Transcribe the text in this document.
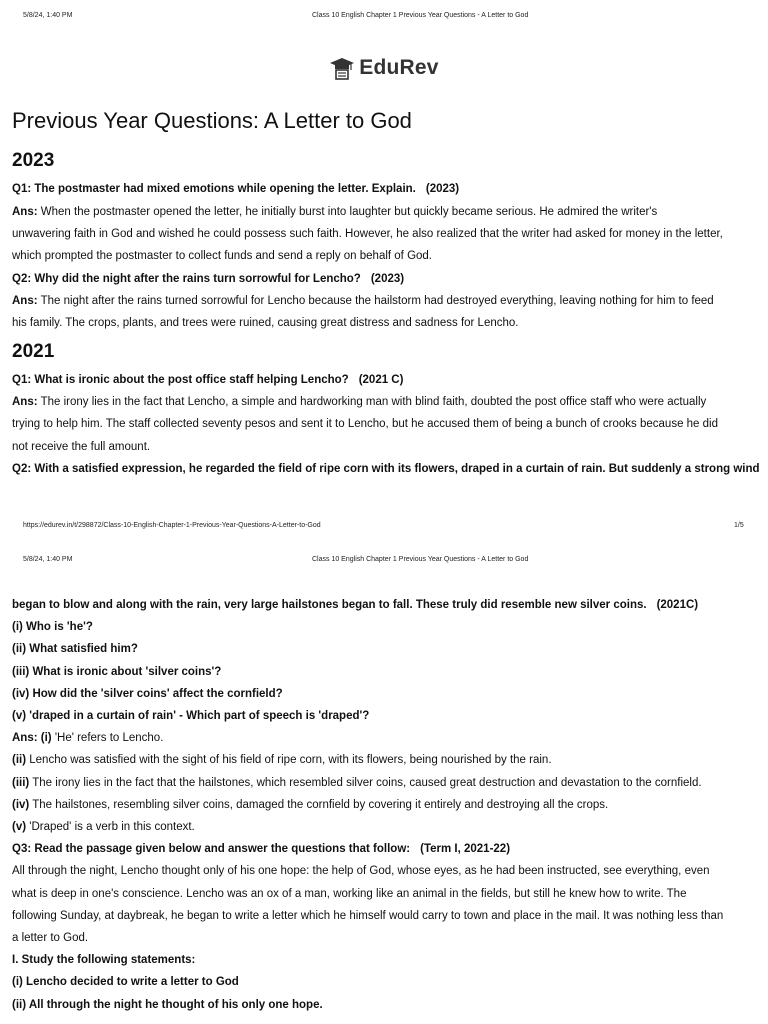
5/8/24, 1:40 PM	Class 10 English Chapter 1 Previous Year Questions - A Letter to God
EduRev
Previous Year Questions: A Letter to God
2023
Q1: The postmaster had mixed emotions while opening the letter. Explain. (2023)
Ans: When the postmaster opened the letter, he initially burst into laughter but quickly became serious. He admired the writer's
unwavering faith in God and wished he could possess such faith. However, he also realized that the writer had asked for money in the letter,
which prompted the postmaster to collect funds and send a reply on behalf of God.
Q2: Why did the night after the rains turn sorrowful for Lencho? (2023)
Ans: The night after the rains turned sorrowful for Lencho because the hailstorm had destroyed everything, leaving nothing for him to feed
his family. The crops, plants, and trees were ruined, causing great distress and sadness for Lencho.
2021
Q1: What is ironic about the post office staff helping Lencho? (2021 C)
Ans: The irony lies in the fact that Lencho, a simple and hardworking man with blind faith, doubted the post office staff who were actually
trying to help him. The staff collected seventy pesos and sent it to Lencho, but he accused them of being a bunch of crooks because he did
not receive the full amount.
Q2: With a satisfied expression, he regarded the field of ripe corn with its flowers, draped in a curtain of rain. But suddenly a strong wind
https://edurev.in/t/298872/Class-10-English-Chapter-1-Previous-Year-Questions-A-Letter-to-God	1/5
5/8/24, 1:40 PM	Class 10 English Chapter 1 Previous Year Questions - A Letter to God
began to blow and along with the rain, very large hailstones began to fall. These truly did resemble new silver coins. (2021C)
(i) Who is 'he'?
(ii) What satisfied him?
(iii) What is ironic about 'silver coins'?
(iv) How did the 'silver coins' affect the cornfield?
(v) 'draped in a curtain of rain' - Which part of speech is 'draped'?
Ans: (i) 'He' refers to Lencho.
(ii) Lencho was satisfied with the sight of his field of ripe corn, with its flowers, being nourished by the rain.
(iii) The irony lies in the fact that the hailstones, which resembled silver coins, caused great destruction and devastation to the cornfield.
(iv) The hailstones, resembling silver coins, damaged the cornfield by covering it entirely and destroying all the crops.
(v) 'Draped' is a verb in this context.
Q3: Read the passage given below and answer the questions that follow: (Term I, 2021-22)
All through the night, Lencho thought only of his one hope: the help of God, whose eyes, as he had been instructed, see everything, even
what is deep in one's conscience. Lencho was an ox of a man, working like an animal in the fields, but still he knew how to write. The
following Sunday, at daybreak, he began to write a letter which he himself would carry to town and place in the mail. It was nothing less than
a letter to God.
I. Study the following statements:
(i) Lencho decided to write a letter to God
(ii) All through the night he thought of his only one hope.
